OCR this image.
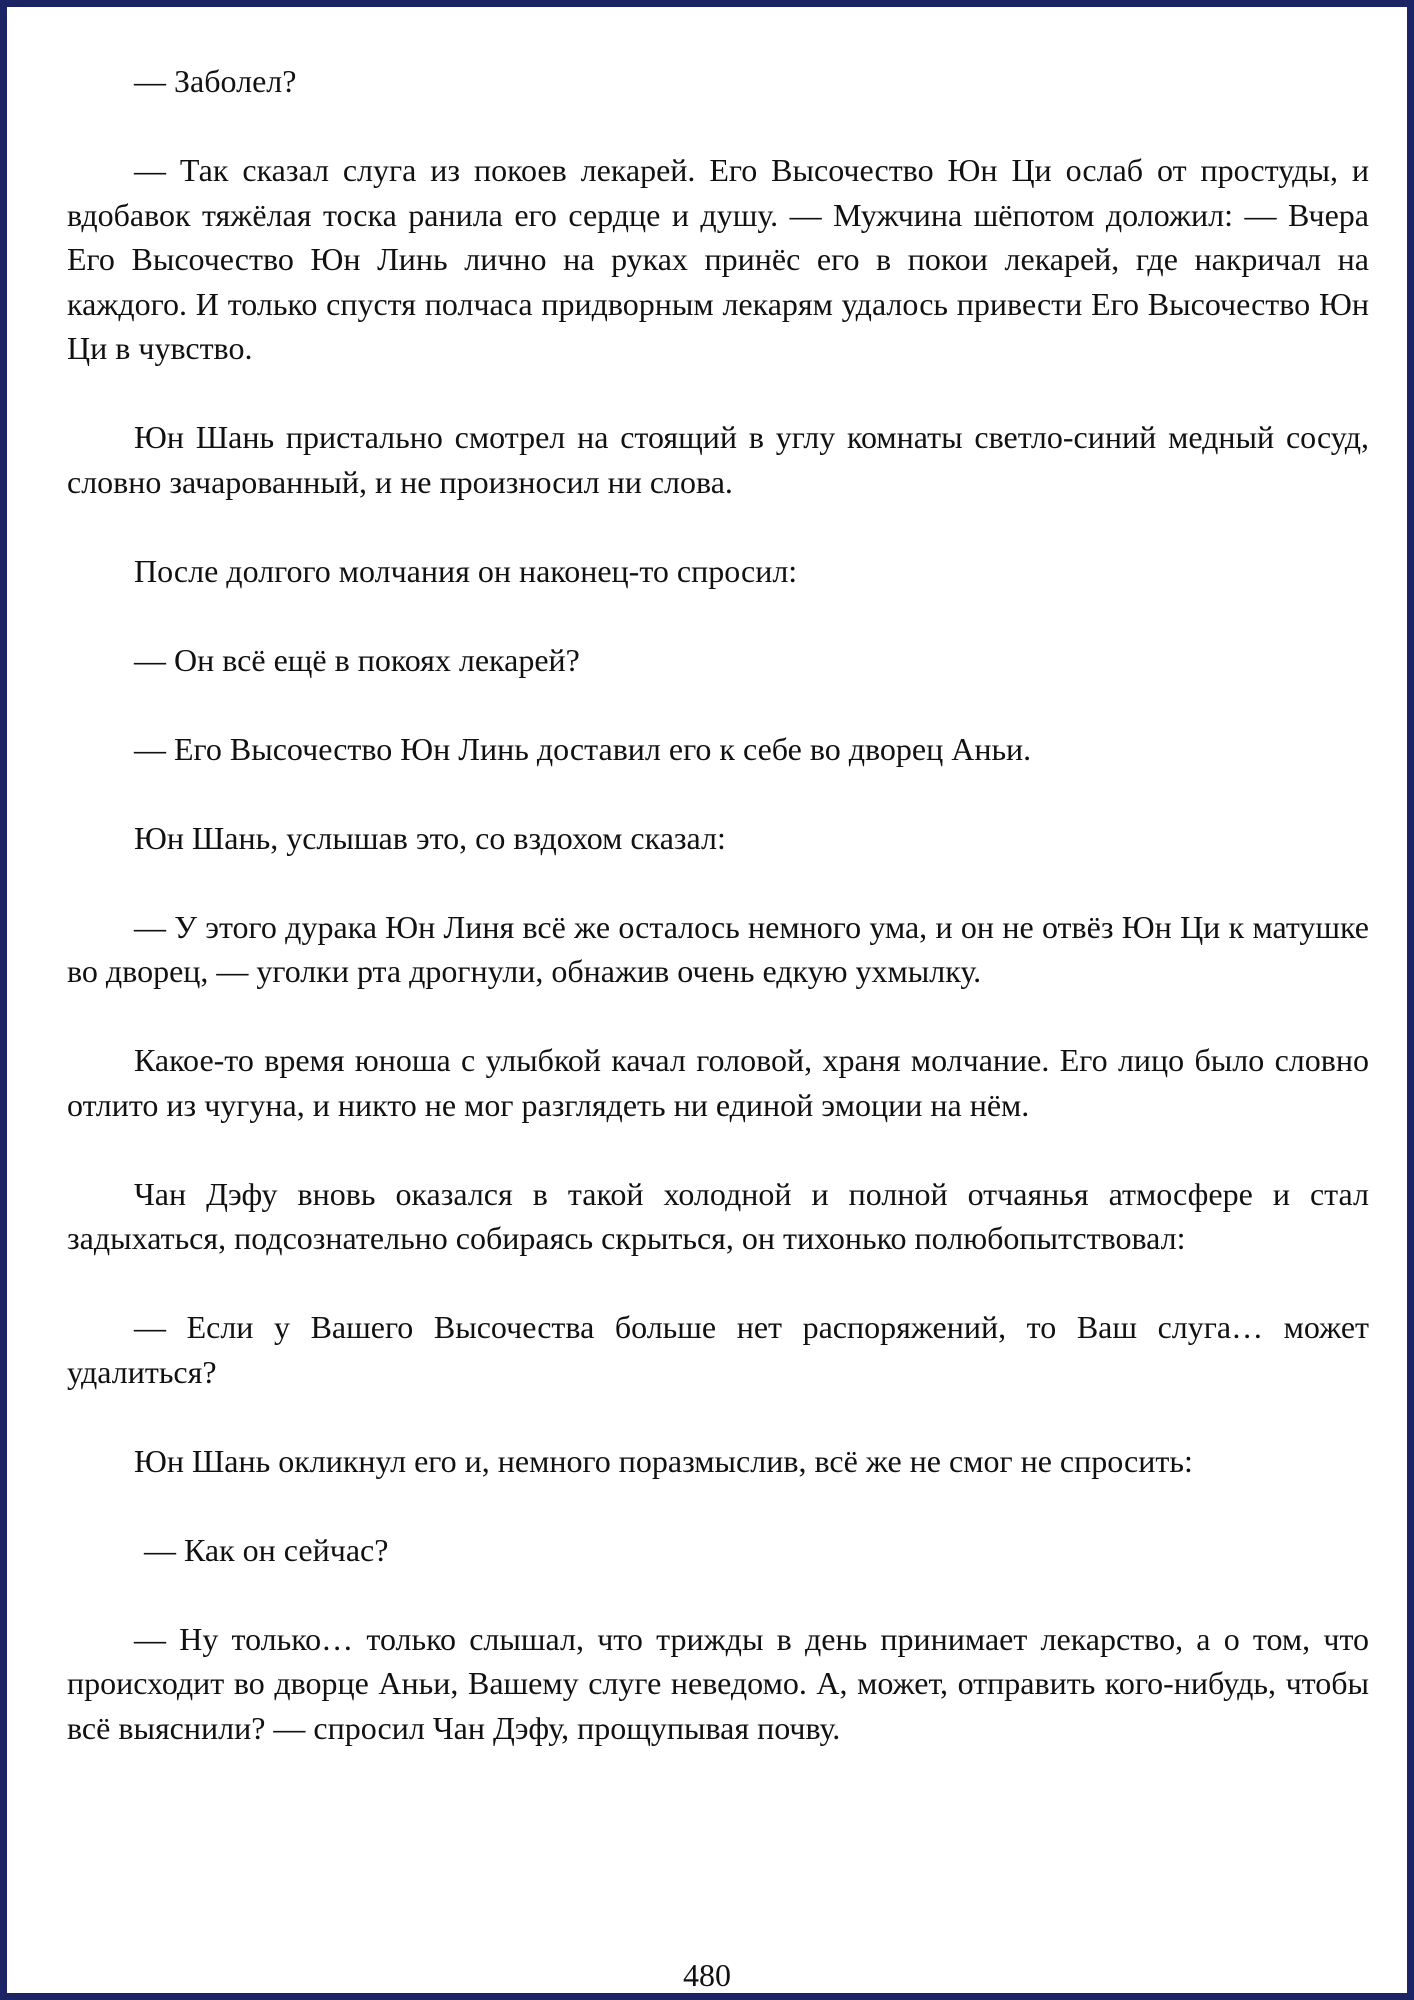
— Заболел?

— Так сказал слуга из покоев лекарей. Его Высочество Юн Ци ослаб от простуды, и вдобавок тяжёлая тоска ранила его сердце и душу. — Мужчина шёпотом доложил: — Вчера Его Высочество Юн Линь лично на руках принёс его в покои лекарей, где накричал на каждого. И только спустя полчаса придворным лекарям удалось привести Его Высочество Юн Ци в чувство.

Юн Шань пристально смотрел на стоящий в углу комнаты светло-синий медный сосуд, словно зачарованный, и не произносил ни слова.

После долгого молчания он наконец-то спросил:

— Он всё ещё в покоях лекарей?

— Его Высочество Юн Линь доставил его к себе во дворец Аньи.

Юн Шань, услышав это, со вздохом сказал:

— У этого дурака Юн Линя всё же осталось немного ума, и он не отвёз Юн Ци к матушке во дворец, — уголки рта дрогнули, обнажив очень едкую ухмылку.

Какое-то время юноша с улыбкой качал головой, храня молчание. Его лицо было словно отлито из чугуна, и никто не мог разглядеть ни единой эмоции на нём.

Чан Дэфу вновь оказался в такой холодной и полной отчаянья атмосфере и стал задыхаться, подсознательно собираясь скрыться, он тихонько полюбопытствовал:

— Если у Вашего Высочества больше нет распоряжений, то Ваш слуга… может удалиться?

Юн Шань окликнул его и, немного поразмыслив, всё же не смог не спросить:

— Как он сейчас?

— Ну только… только слышал, что трижды в день принимает лекарство, а о том, что происходит во дворце Аньи, Вашему слуге неведомо. А, может, отправить кого-нибудь, чтобы всё выяснили? — спросил Чан Дэфу, прощупывая почву.

480
